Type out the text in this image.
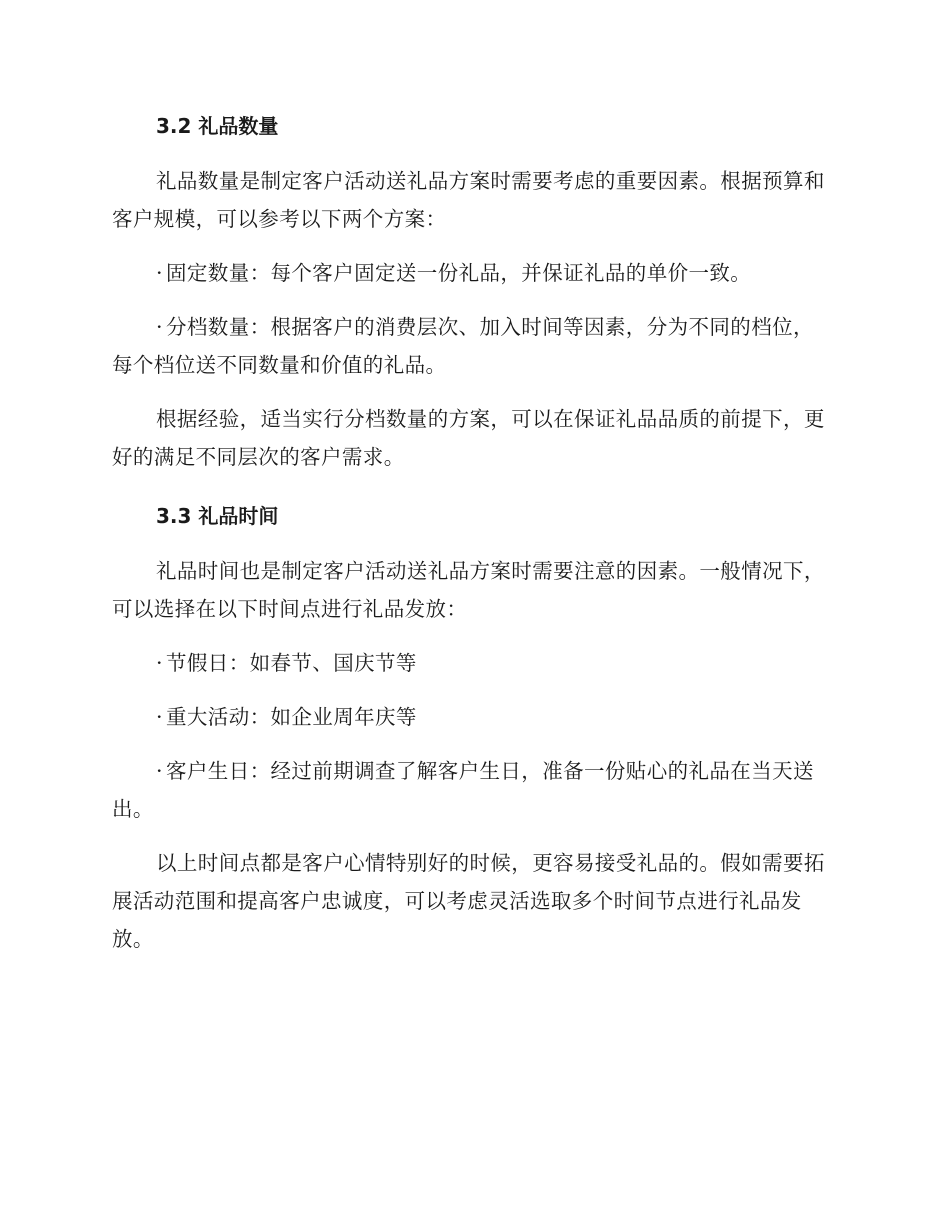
3.2 礼品数量

礼品数量是制定客户活动送礼品方案时需要考虑的重要因素。根据预算和客户规模，可以参考以下两个方案：

· 固定数量：每个客户固定送一份礼品，并保证礼品的单价一致。

· 分档数量：根据客户的消费层次、加入时间等因素，分为不同的档位，每个档位送不同数量和价值的礼品。

根据经验，适当实行分档数量的方案，可以在保证礼品品质的前提下，更好的满足不同层次的客户需求。

3.3 礼品时间

礼品时间也是制定客户活动送礼品方案时需要注意的因素。一般情况下，可以选择在以下时间点进行礼品发放：

· 节假日：如春节、国庆节等

· 重大活动：如企业周年庆等

· 客户生日：经过前期调查了解客户生日，准备一份贴心的礼品在当天送出。

以上时间点都是客户心情特别好的时候，更容易接受礼品的。假如需要拓展活动范围和提高客户忠诚度，可以考虑灵活选取多个时间节点进行礼品发放。
